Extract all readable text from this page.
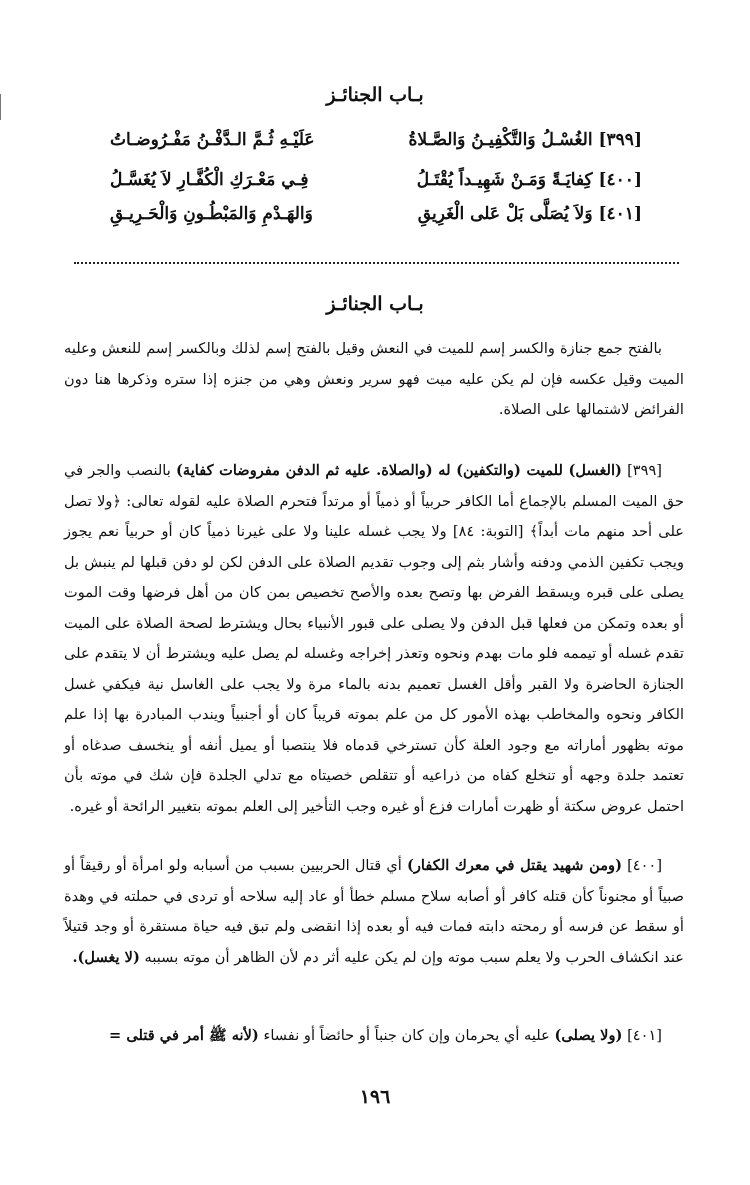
بـاب الجنائـز
[٣٩٩] الغُسْـلُ وَالتَّكْفِيـنُ وَالصَّـلاةُ
عَلَيْـهِ ثُـمَّ الـدَّفْـنُ مَفْـرُوضـاتُ
[٤٠٠] كِفايَـةً وَمَـنْ شَهِيـداً يُقْتَـلُ
فِـي مَعْـرَكِ الْكُفَّـارِ لاَ يُغَسَّـلُ
[٤٠١] وَلاَ يُصَلَّى بَلْ عَلى الْغَرِيقِ
وَالهَـدْمِ وَالمَبْطُـونِ وَالْحَـرِيـقِ
بـاب الجنائـز
بالفتح جمع جنازة والكسر إسم للميت في النعش وقيل بالفتح إسم لذلك وبالكسر إسم للنعش وعليه الميت وقيل عكسه فإن لم يكن عليه ميت فهو سرير ونعش وهي من جنزه إذا ستره وذكرها هنا دون الفرائض لاشتمالها على الصلاة.
[٣٩٩] (الغسل) للميت (والتكفين) له (والصلاة. عليه ثم الدفن مفروضات كفاية) بالنصب والجر في حق الميت المسلم بالإجماع أما الكافر حربياً أو ذمياً أو مرتداً فتحرم الصلاة عليه لقوله تعالى: ﴿ولا تصل على أحد منهم مات أبداً﴾ [التوبة: ٨٤] ولا يجب غسله علينا ولا على غيرنا ذمياً كان أو حربياً نعم يجوز ويجب تكفين الذمي ودفنه وأشار بثم إلى وجوب تقديم الصلاة على الدفن لكن لو دفن قبلها لم ينبش بل يصلى على قبره ويسقط الفرض بها وتصح بعده والأصح تخصيص بمن كان من أهل فرضها وقت الموت أو بعده وتمكن من فعلها قبل الدفن ولا يصلى على قبور الأنبياء بحال ويشترط لصحة الصلاة على الميت تقدم غسله أو تيممه فلو مات بهدم ونحوه وتعذر إخراجه وغسله لم يصل عليه ويشترط أن لا يتقدم على الجنازة الحاضرة ولا القبر وأقل الغسل تعميم بدنه بالماء مرة ولا يجب على الغاسل نية فيكفي غسل الكافر ونحوه والمخاطب بهذه الأمور كل من علم بموته قريباً كان أو أجنبياً ويندب المبادرة بها إذا علم موته بظهور أماراته مع وجود العلة كأن تسترخي قدماه فلا ينتصبا أو يميل أنفه أو ينخسف صدغاه أو تعتمد جلدة وجهه أو تنخلع كفاه من ذراعيه أو تتقلص خصيتاه مع تدلي الجلدة فإن شك في موته بأن احتمل عروض سكتة أو ظهرت أمارات فزع أو غيره وجب التأخير إلى العلم بموته بتغيير الرائحة أو غيره.
[٤٠٠] (ومن شهيد يقتل في معرك الكفار) أي قتال الحربيين بسبب من أسبابه ولو امرأة أو رقيقاً أو صبياً أو مجنوناً كأن قتله كافر أو أصابه سلاح مسلم خطأ أو عاد إليه سلاحه أو تردى في حملته في وهدة أو سقط عن فرسه أو رمحته دابته فمات فيه أو بعده إذا انقضى ولم تبق فيه حياة مستقرة أو وجد قتيلاً عند انكشاف الحرب ولا يعلم سبب موته وإن لم يكن عليه أثر دم لأن الظاهر أن موته بسببه (لا يغسل).
[٤٠١] (ولا يصلى) عليه أي يحرمان وإن كان جنباً أو حائضاً أو نفساء (لأنه ﷺ أمر في قتلى =
١٩٦
